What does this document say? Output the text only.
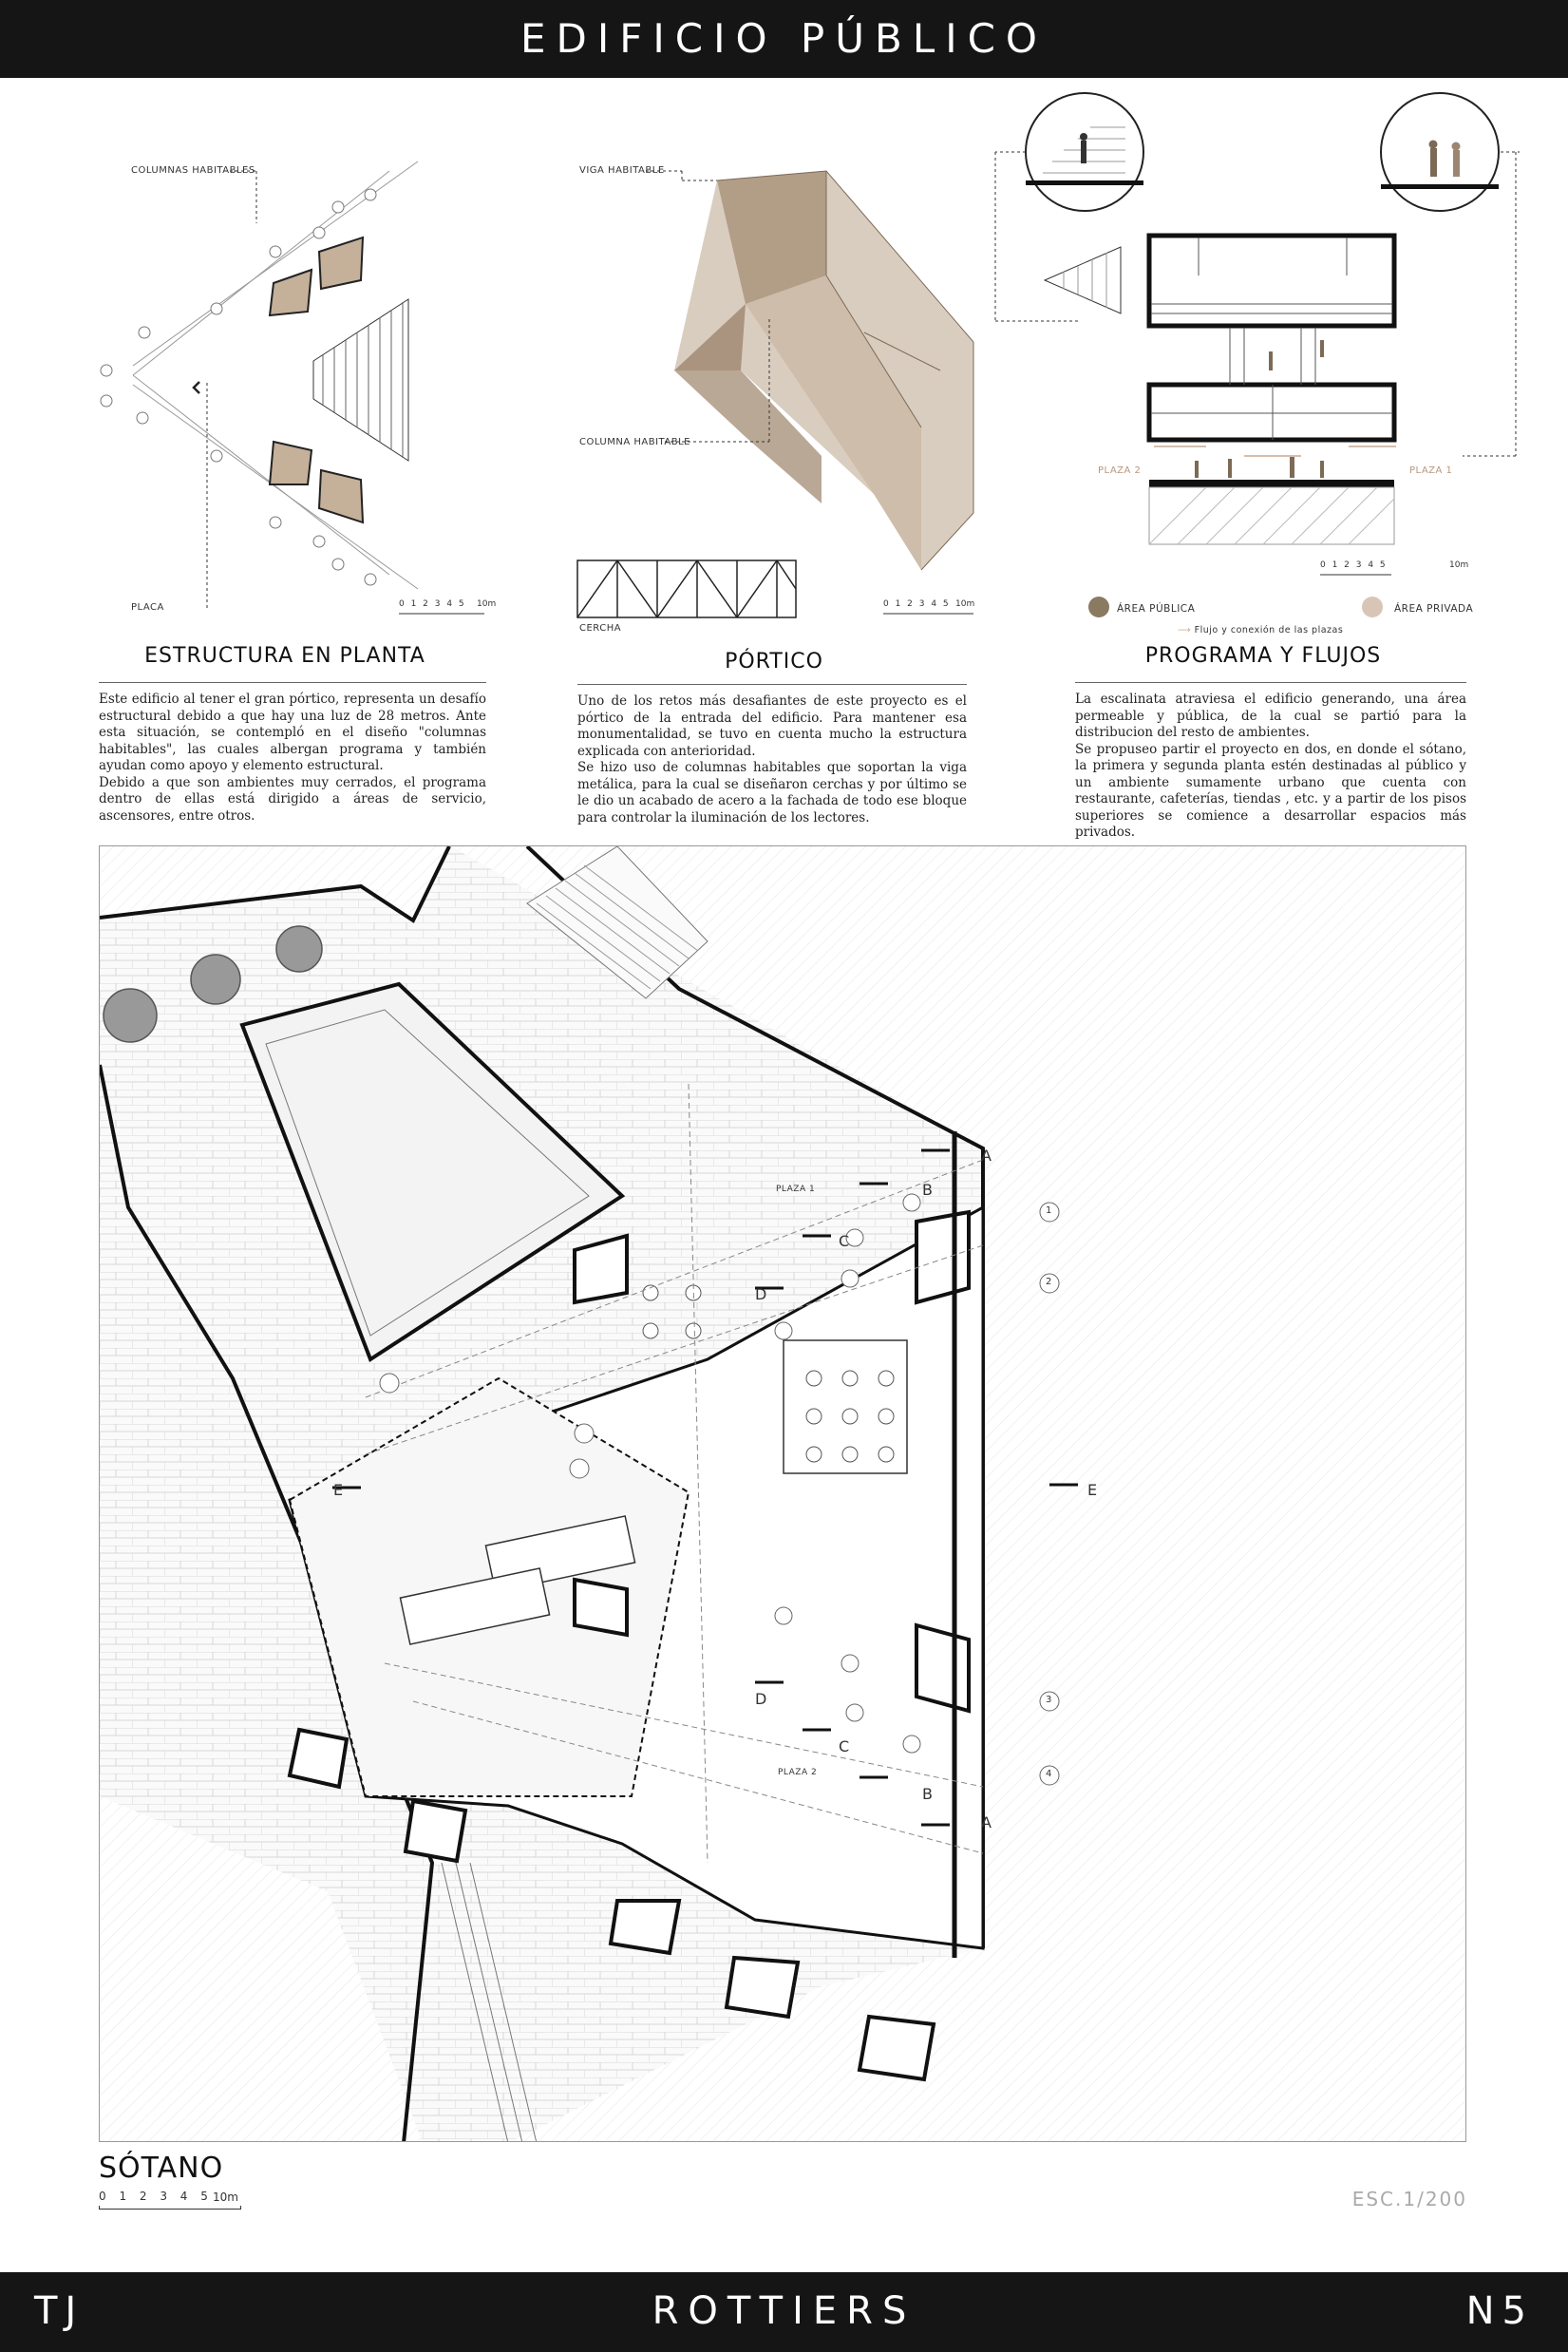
EDIFICIO PÚBLICO
COLUMNAS HABITABLES
PLACA	0 1 2 3 4 5 10m
ESTRUCTURA EN PLANTA

Este edificio al tener el gran pórtico, representa un desafío estructural debido a que hay una luz de 28 metros. Ante esta situación, se contempló en el diseño "columnas habitables", las cuales albergan programa y también ayudan como apoyo y elemento estructural.

Debido a que son ambientes muy cerrados, el programa dentro de ellas está dirigido a áreas de servicio, ascensores, entre otros.

VIGA HABITABLE
COLUMNA HABITABLE
CERCHA
0 1 2 3 4 5 10m
PÓRTICO

Uno de los retos más desafiantes de este proyecto es el pórtico de la entrada del edificio. Para mantener esa monumentalidad, se tuvo en cuenta mucho la estructura explicada con anterioridad.

Se hizo uso de columnas habitables que soportan la viga metálica, para la cual se diseñaron cerchas y por último se le dio un acabado de acero a la fachada de todo ese bloque para controlar la iluminación de los lectores.

PLAZA 2	PLAZA 1
0 1 2 3 4 5	10m
ÁREA PÚBLICA	ÁREA PRIVADA
⟶ Flujo y conexión de las plazas
PROGRAMA Y FLUJOS

La escalinata atraviesa el edificio generando, una área permeable y pública, de la cual se partió para la distribucion del resto de ambientes.

Se propuseo partir el proyecto en dos, en donde el sótano, la primera y segunda planta estén destinadas al público y un ambiente sumamente urbano que cuenta con restaurante, cafeterías, tiendas , etc. y a partir de los pisos superiores se comience a desarrollar espacios más privados.

A
A
B
B
C
C
D
D
E	E
1
2
3
4
PLAZA 1
PLAZA 2
SÓTANO
0 1 2 3 4 5 10m	ESC.1/200
TJ	ROTTIERS	N5
